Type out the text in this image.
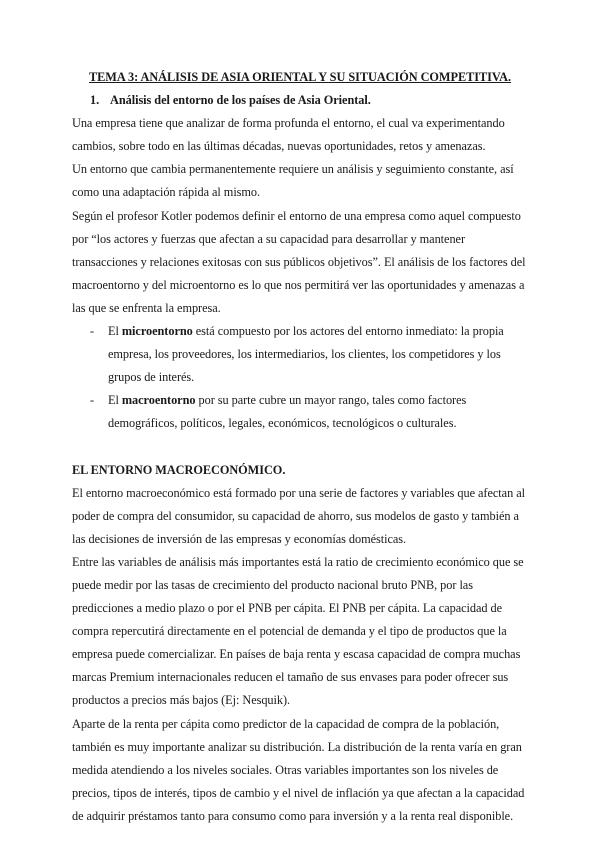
TEMA 3: ANÁLISIS DE ASIA ORIENTAL Y SU SITUACIÓN COMPETITIVA.

1. Análisis del entorno de los países de Asia Oriental.

Una empresa tiene que analizar de forma profunda el entorno, el cual va experimentando cambios, sobre todo en las últimas décadas, nuevas oportunidades, retos y amenazas.

Un entorno que cambia permanentemente requiere un análisis y seguimiento constante, así como una adaptación rápida al mismo.

Según el profesor Kotler podemos definir el entorno de una empresa como aquel compuesto por “los actores y fuerzas que afectan a su capacidad para desarrollar y mantener transacciones y relaciones exitosas con sus públicos objetivos”. El análisis de los factores del macroentorno y del microentorno es lo que nos permitirá ver las oportunidades y amenazas a las que se enfrenta la empresa.

- El microentorno está compuesto por los actores del entorno inmediato: la propia empresa, los proveedores, los intermediarios, los clientes, los competidores y los grupos de interés.
- El macroentorno por su parte cubre un mayor rango, tales como factores demográficos, políticos, legales, económicos, tecnológicos o culturales.

EL ENTORNO MACROECONÓMICO.

El entorno macroeconómico está formado por una serie de factores y variables que afectan al poder de compra del consumidor, su capacidad de ahorro, sus modelos de gasto y también a las decisiones de inversión de las empresas y economías domésticas.

Entre las variables de análisis más importantes está la ratio de crecimiento económico que se puede medir por las tasas de crecimiento del producto nacional bruto PNB, por las predicciones a medio plazo o por el PNB per cápita. El PNB per cápita. La capacidad de compra repercutirá directamente en el potencial de demanda y el tipo de productos que la empresa puede comercializar. En países de baja renta y escasa capacidad de compra muchas marcas Premium internacionales reducen el tamaño de sus envases para poder ofrecer sus productos a precios más bajos (Ej: Nesquik).

Aparte de la renta per cápita como predictor de la capacidad de compra de la población, también es muy importante analizar su distribución. La distribución de la renta varía en gran medida atendiendo a los niveles sociales. Otras variables importantes son los niveles de precios, tipos de interés, tipos de cambio y el nivel de inflación ya que afectan a la capacidad de adquirir préstamos tanto para consumo como para inversión y a la renta real disponible.
